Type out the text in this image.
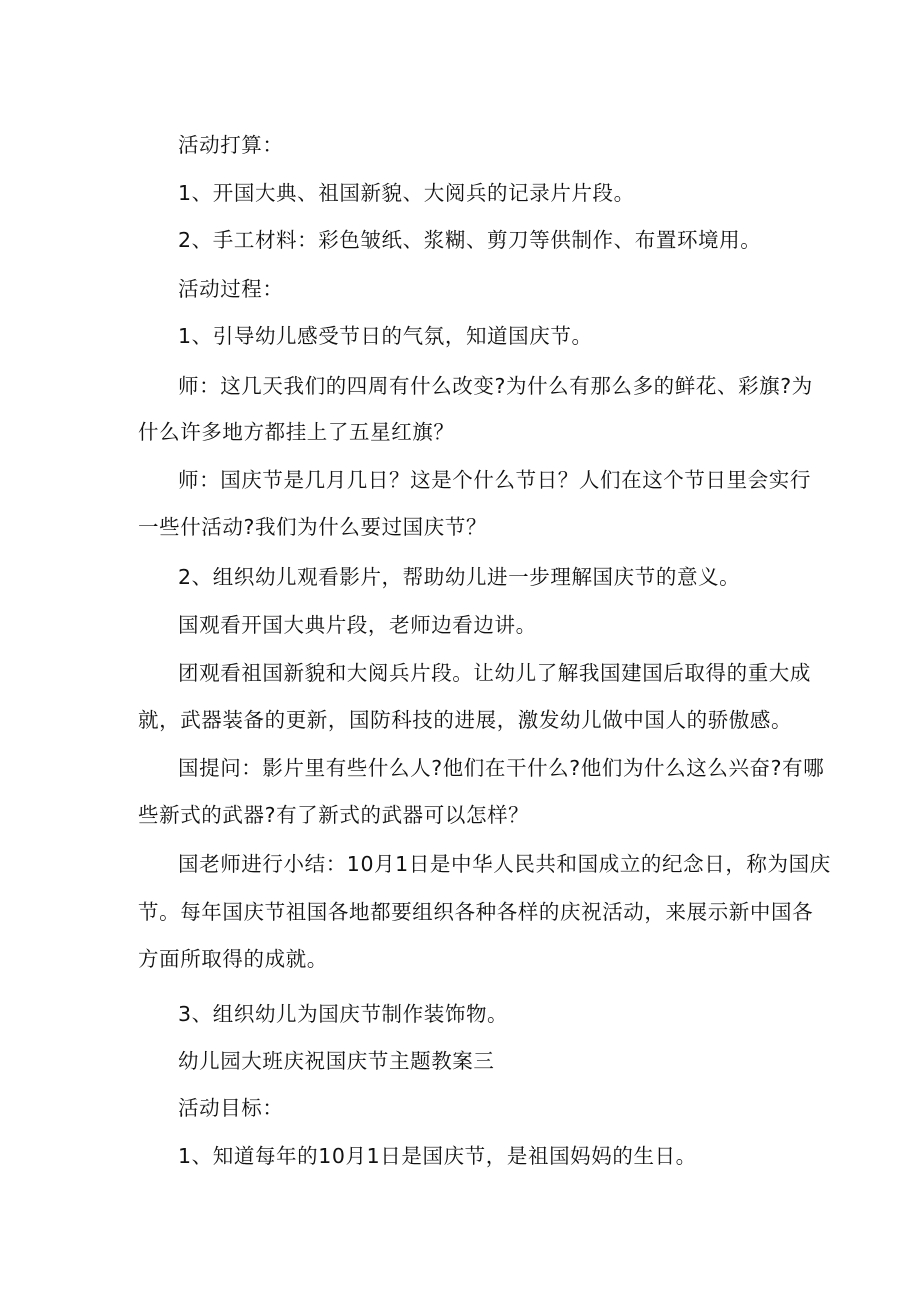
活动打算：
1、开国大典、祖国新貌、大阅兵的记录片片段。
2、手工材料：彩色皱纸、浆糊、剪刀等供制作、布置环境用。
活动过程：
1、引导幼儿感受节日的气氛，知道国庆节。
师：这几天我们的四周有什么改变?为什么有那么多的鲜花、彩旗?为
什么许多地方都挂上了五星红旗？
师：国庆节是几月几日？这是个什么节日？人们在这个节日里会实行
一些什活动?我们为什么要过国庆节？
2、组织幼儿观看影片，帮助幼儿进一步理解国庆节的意义。
国观看开国大典片段，老师边看边讲。
团观看祖国新貌和大阅兵片段。让幼儿了解我国建国后取得的重大成
就，武器装备的更新，国防科技的进展，激发幼儿做中国人的骄傲感。
国提问：影片里有些什么人?他们在干什么?他们为什么这么兴奋?有哪
些新式的武器?有了新式的武器可以怎样？
国老师进行小结：10月1日是中华人民共和国成立的纪念日，称为国庆
节。每年国庆节祖国各地都要组织各种各样的庆祝活动，来展示新中国各
方面所取得的成就。
3、组织幼儿为国庆节制作装饰物。
幼儿园大班庆祝国庆节主题教案三
活动目标：
1、知道每年的10月1日是国庆节，是祖国妈妈的生日。
